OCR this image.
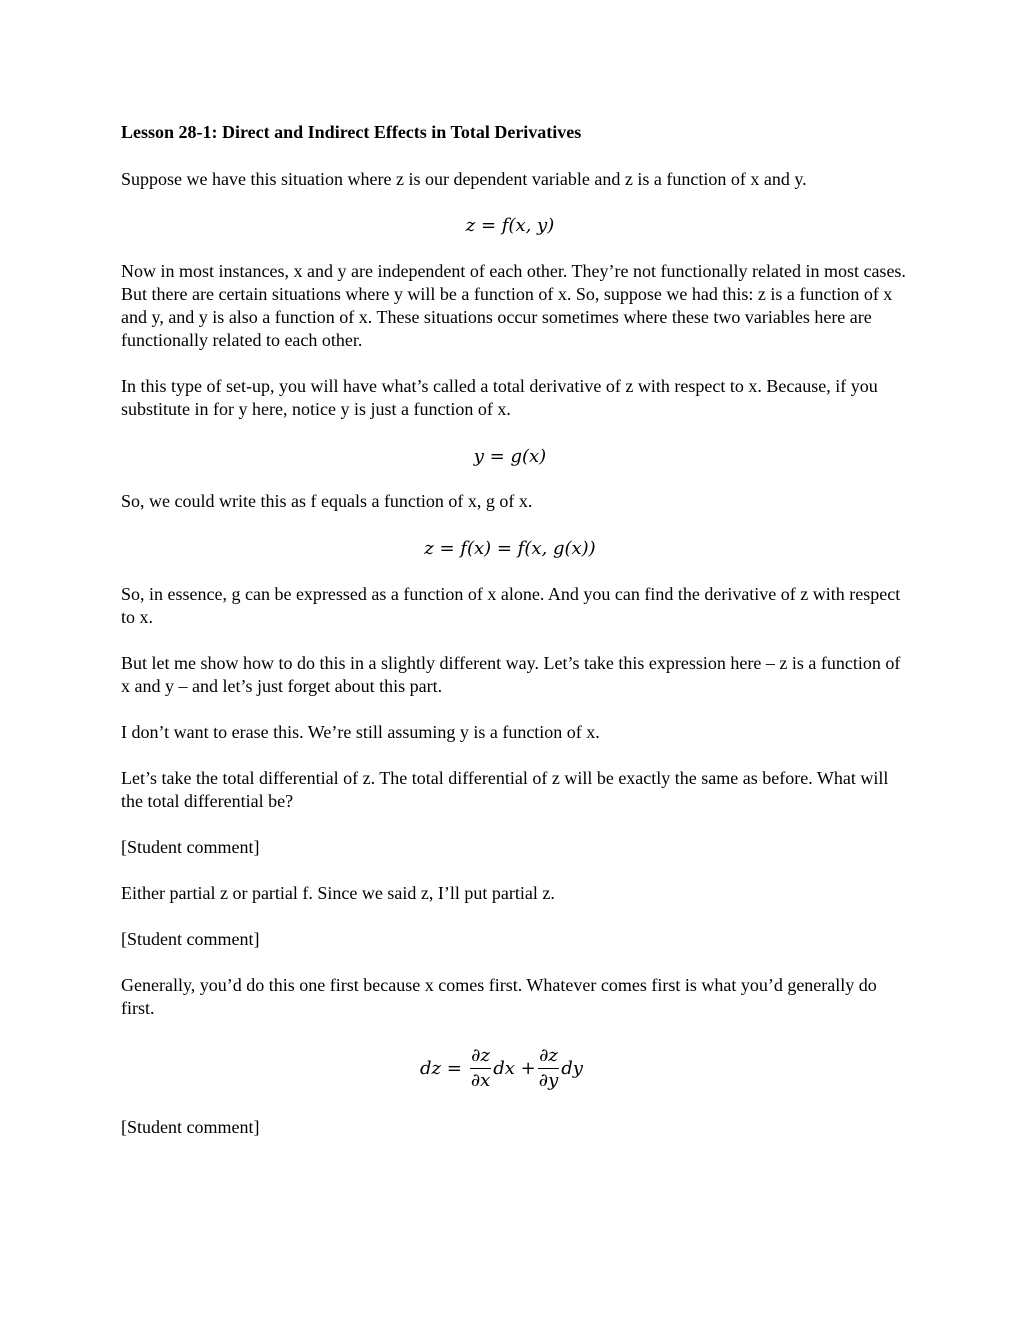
Lesson 28-1: Direct and Indirect Effects in Total Derivatives

Suppose we have this situation where z is our dependent variable and z is a function of x and y.

z = f(x, y)

Now in most instances, x and y are independent of each other. They’re not functionally related in most cases. But there are certain situations where y will be a function of x. So, suppose we had this: z is a function of x and y, and y is also a function of x. These situations occur sometimes where these two variables here are functionally related to each other.

In this type of set-up, you will have what’s called a total derivative of z with respect to x. Because, if you substitute in for y here, notice y is just a function of x.

y = g(x)

So, we could write this as f equals a function of x, g of x.

z = f(x) = f(x, g(x))

So, in essence, g can be expressed as a function of x alone. And you can find the derivative of z with respect to x.

But let me show how to do this in a slightly different way. Let’s take this expression here – z is a function of x and y – and let’s just forget about this part.

I don’t want to erase this. We’re still assuming y is a function of x.

Let’s take the total differential of z. The total differential of z will be exactly the same as before. What will the total differential be?

[Student comment]

Either partial z or partial f. Since we said z, I’ll put partial z.

[Student comment]

Generally, you’d do this one first because x comes first. Whatever comes first is what you’d generally do first.

dz = $\frac{\partial z}{\partial x}$ dx + $\frac{\partial z}{\partial y}$ dy

[Student comment]
